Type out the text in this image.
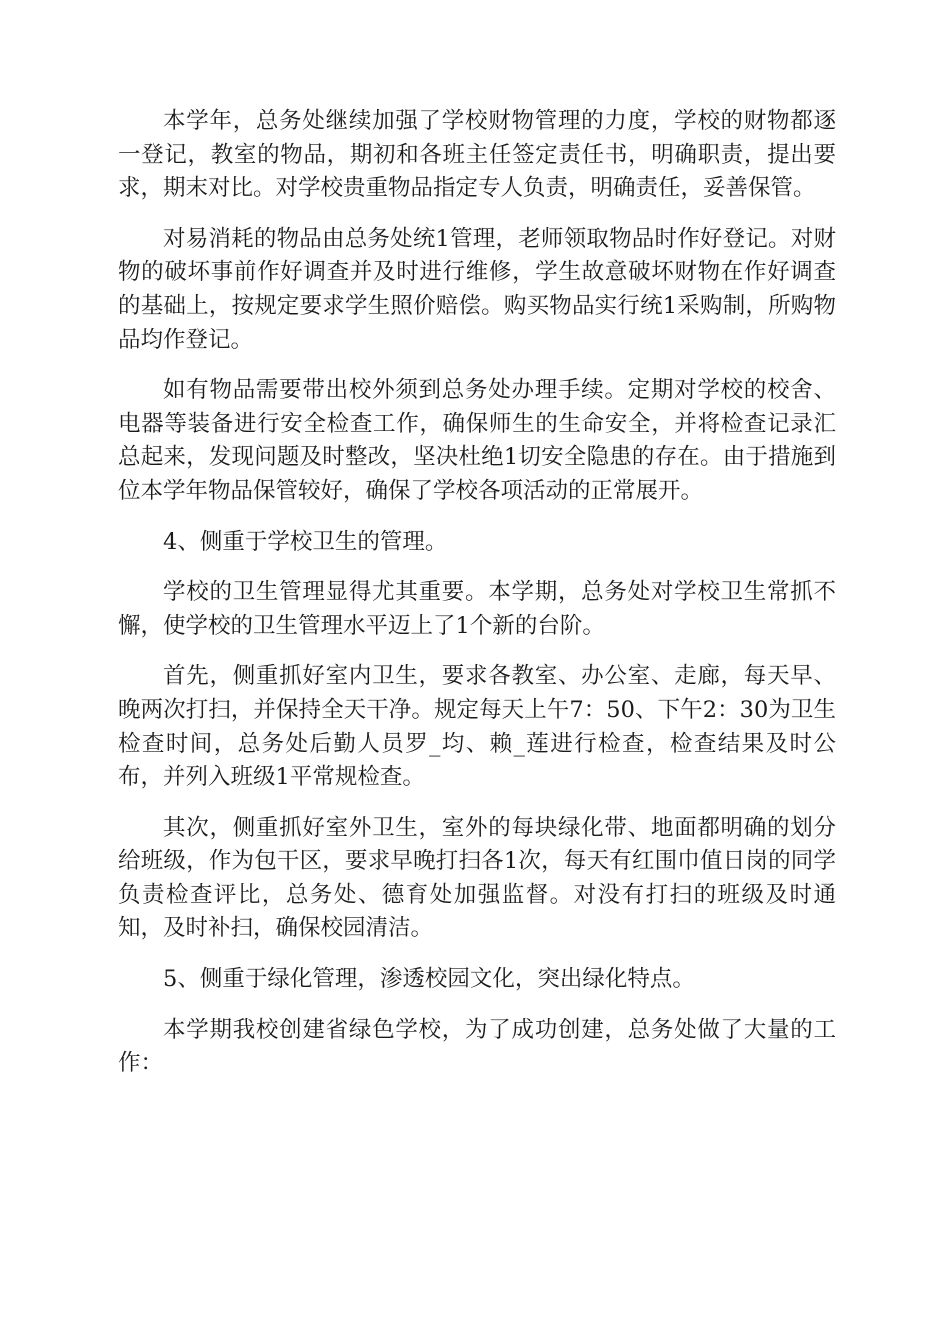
本学年，总务处继续加强了学校财物管理的力度，学校的财物都逐一登记，教室的物品，期初和各班主任签定责任书，明确职责，提出要求，期末对比。对学校贵重物品指定专人负责，明确责任，妥善保管。

对易消耗的物品由总务处统1管理，老师领取物品时作好登记。对财物的破坏事前作好调查并及时进行维修，学生故意破坏财物在作好调查的基础上，按规定要求学生照价赔偿。购买物品实行统1采购制，所购物品均作登记。

如有物品需要带出校外须到总务处办理手续。定期对学校的校舍、电器等装备进行安全检查工作，确保师生的生命安全，并将检查记录汇总起来，发现问题及时整改，坚决杜绝1切安全隐患的存在。由于措施到位本学年物品保管较好，确保了学校各项活动的正常展开。

4、侧重于学校卫生的管理。

学校的卫生管理显得尤其重要。本学期，总务处对学校卫生常抓不懈，使学校的卫生管理水平迈上了1个新的台阶。

首先，侧重抓好室内卫生，要求各教室、办公室、走廊，每天早、晚两次打扫，并保持全天干净。规定每天上午7：50、下午2：30为卫生检查时间，总务处后勤人员罗_均、赖_莲进行检查，检查结果及时公布，并列入班级1平常规检查。

其次，侧重抓好室外卫生，室外的每块绿化带、地面都明确的划分给班级，作为包干区，要求早晚打扫各1次，每天有红围巾值日岗的同学负责检查评比，总务处、德育处加强监督。对没有打扫的班级及时通知，及时补扫，确保校园清洁。

5、侧重于绿化管理，渗透校园文化，突出绿化特点。

本学期我校创建省绿色学校，为了成功创建，总务处做了大量的工作：
